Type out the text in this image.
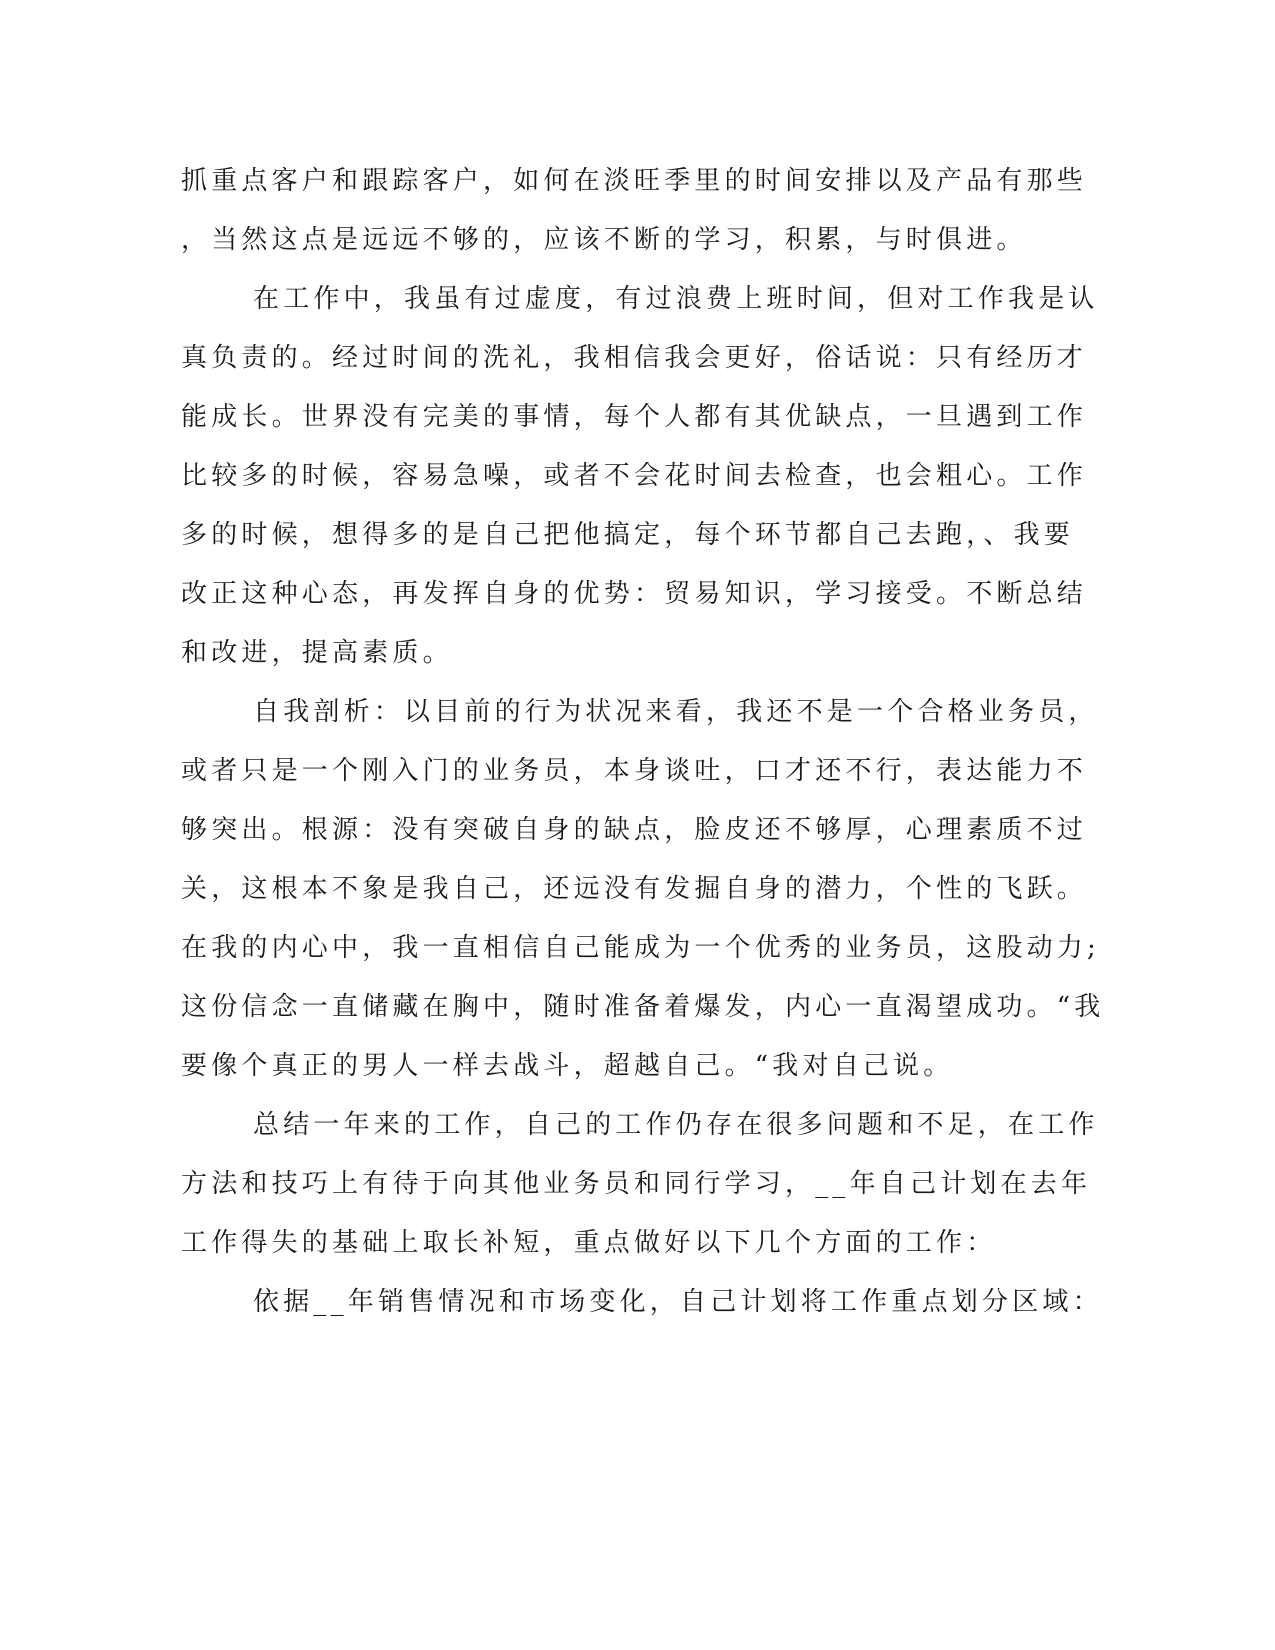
抓重点客户和跟踪客户，如何在淡旺季里的时间安排以及产品有那些
，当然这点是远远不够的，应该不断的学习，积累，与时俱进。
在工作中，我虽有过虚度，有过浪费上班时间，但对工作我是认
真负责的。经过时间的洗礼，我相信我会更好，俗话说：只有经历才
能成长。世界没有完美的事情，每个人都有其优缺点，一旦遇到工作
比较多的时候，容易急噪，或者不会花时间去检查，也会粗心。工作
多的时候，想得多的是自己把他搞定，每个环节都自己去跑，、我要
改正这种心态，再发挥自身的优势：贸易知识，学习接受。不断总结
和改进，提高素质。
自我剖析：以目前的行为状况来看，我还不是一个合格业务员，
或者只是一个刚入门的业务员，本身谈吐，口才还不行，表达能力不
够突出。根源：没有突破自身的缺点，脸皮还不够厚，心理素质不过
关，这根本不象是我自己，还远没有发掘自身的潜力，个性的飞跃。
在我的内心中，我一直相信自己能成为一个优秀的业务员，这股动力;
这份信念一直储藏在胸中，随时准备着爆发，内心一直渴望成功。“我
要像个真正的男人一样去战斗，超越自己。“我对自己说。
总结一年来的工作，自己的工作仍存在很多问题和不足，在工作
方法和技巧上有待于向其他业务员和同行学习，__年自己计划在去年
工作得失的基础上取长补短，重点做好以下几个方面的工作：
依据__年销售情况和市场变化，自己计划将工作重点划分区域：
